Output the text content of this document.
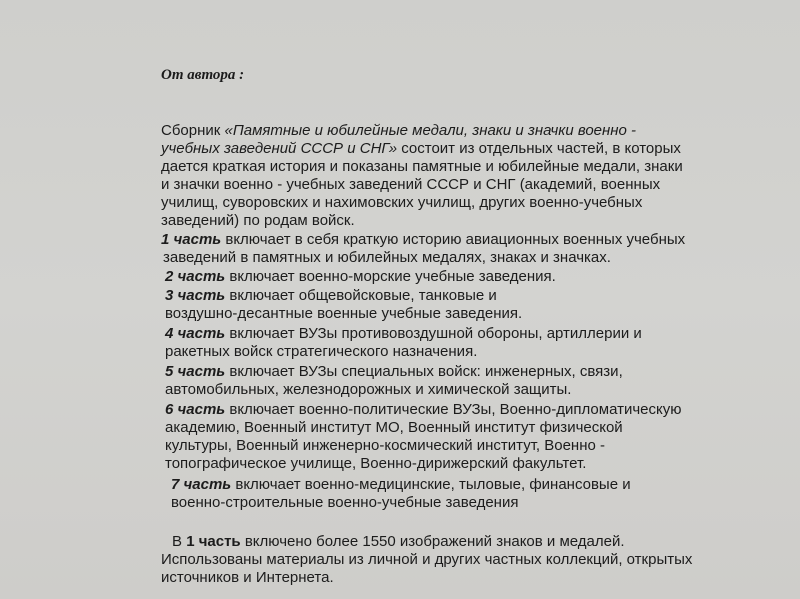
От автора :
Сборник «Памятные и юбилейные медали, знаки и значки военно -
учебных заведений СССР и СНГ» состоит из отдельных частей, в которых
дается краткая история и показаны памятные и юбилейные медали, знаки
и значки военно - учебных заведений СССР и СНГ (академий, военных
училищ, суворовских и нахимовских училищ, других военно-учебных
заведений) по родам войск.
1 часть включает в себя краткую историю авиационных военных учебных
заведений в памятных и юбилейных медалях, знаках и значках.
2 часть включает военно-морские учебные заведения.
3 часть включает общевойсковые, танковые и
воздушно-десантные военные учебные заведения.
4 часть включает ВУЗы противовоздушной обороны, артиллерии и
ракетных войск стратегического назначения.
5 часть включает ВУЗы специальных войск: инженерных, связи,
автомобильных, железнодорожных и химической защиты.
6 часть включает военно-политические ВУЗы, Военно-дипломатическую
академию, Военный институт МО, Военный институт физической
культуры, Военный инженерно-космический институт, Военно -
топографическое училище, Военно-дирижерский факультет.
7 часть включает военно-медицинские, тыловые, финансовые и
военно-строительные военно-учебные заведения
В 1 часть включено более 1550 изображений знаков и медалей.
Использованы материалы из личной и других частных коллекций, открытых
источников и Интернета.
